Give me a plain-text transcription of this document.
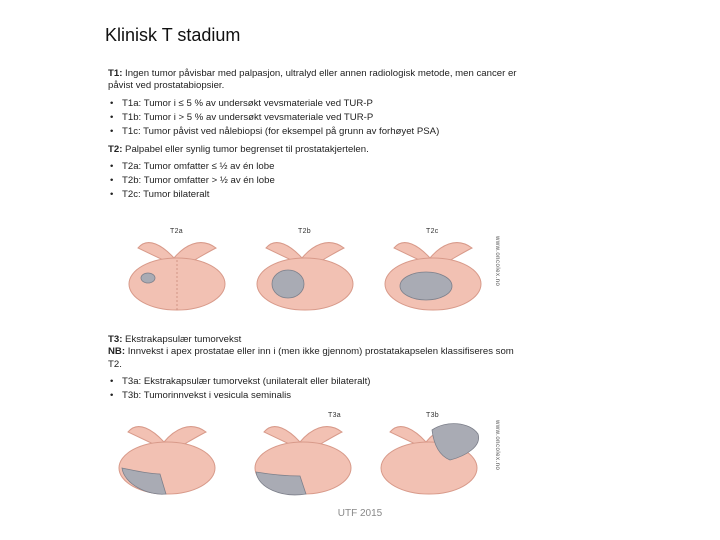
Klinisk T stadium

T1: Ingen tumor påvisbar med palpasjon, ultralyd eller annen radiologisk metode, men cancer er påvist ved prostatabiopsier.

• T1a: Tumor i ≤ 5 % av undersøkt vevsmateriale ved TUR-P
• T1b: Tumor i > 5 % av undersøkt vevsmateriale ved TUR-P
• T1c: Tumor påvist ved nålebiopsi (for eksempel på grunn av forhøyet PSA)

T2: Palpabel eller synlig tumor begrenset til prostatakjertelen.

• T2a: Tumor omfatter ≤ ½ av én lobe
• T2b: Tumor omfatter > ½ av én lobe
• T2c: Tumor bilateralt
T2a	T2b	T2c
www.oncolex.no

T3: Ekstrakapsulær tumorvekst

NB: Innvekst i apex prostatae eller inn i (men ikke gjennom) prostatakapselen klassifiseres som T2.

• T3a: Ekstrakapsulær tumorvekst (unilateralt eller bilateralt)
• T3b: Tumorinnvekst i vesicula seminalis
T3a	T3b
www.oncolex.no
UTF 2015
